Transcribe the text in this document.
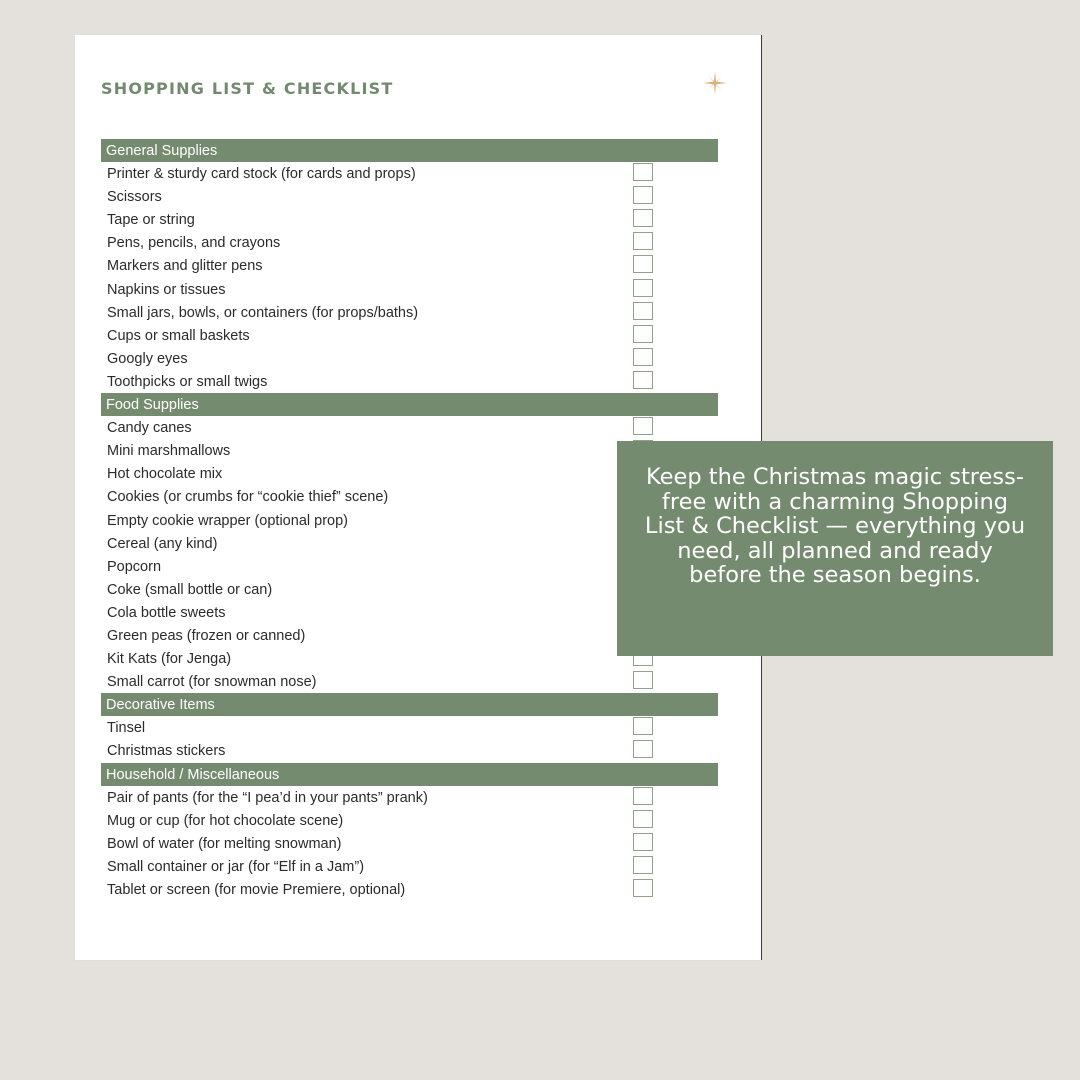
SHOPPING LIST & CHECKLIST
General Supplies
Printer & sturdy card stock (for cards and props)
Scissors
Tape or string
Pens, pencils, and crayons
Markers and glitter pens
Napkins or tissues
Small jars, bowls, or containers (for props/baths)
Cups or small baskets
Googly eyes
Toothpicks or small twigs
Food Supplies
Candy canes
Mini marshmallows
Hot chocolate mix
Cookies (or crumbs for “cookie thief” scene)
Empty cookie wrapper (optional prop)
Cereal (any kind)
Popcorn
Coke (small bottle or can)
Cola bottle sweets
Green peas (frozen or canned)
Kit Kats (for Jenga)
Small carrot (for snowman nose)
Decorative Items
Tinsel
Christmas stickers
Household / Miscellaneous
Pair of pants (for the “I pea’d in your pants” prank)
Mug or cup (for hot chocolate scene)
Bowl of water (for melting snowman)
Small container or jar (for “Elf in a Jam”)
Tablet or screen (for movie Premiere, optional)
Keep the Christmas magic stress-free with a charming Shopping List & Checklist — everything you need, all planned and ready before the season begins.
